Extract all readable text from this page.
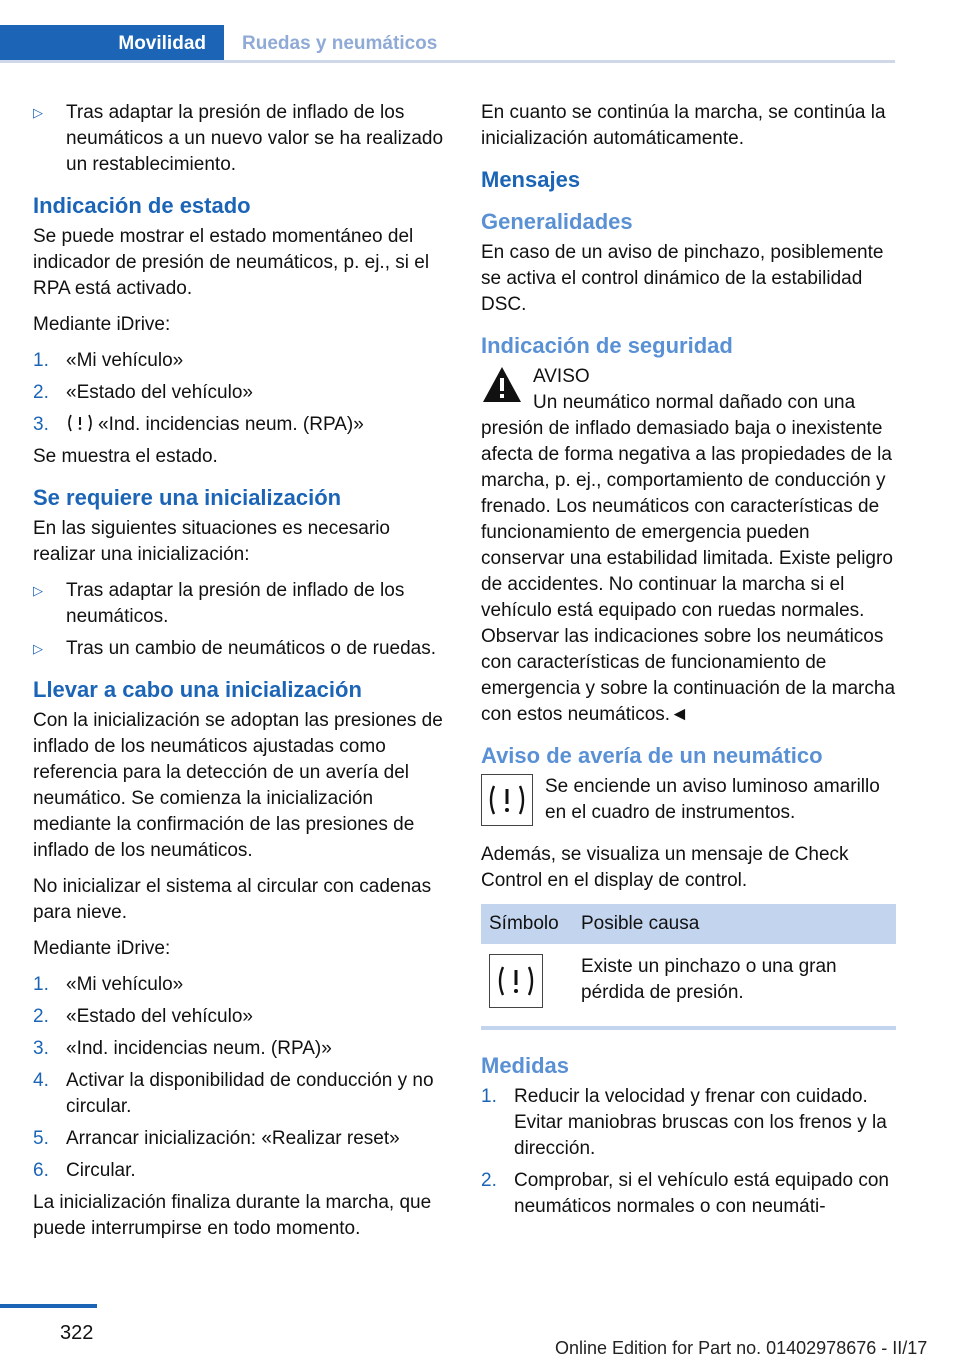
Movilidad	Ruedas y neumáticos
▷ Tras adaptar la presión de inflado de los neumáticos a un nuevo valor se ha realizado un restablecimiento.
Indicación de estado

Se puede mostrar el estado momentáneo del indicador de presión de neumáticos, p. ej., si el RPA está activado.

Mediante iDrive:

1. «Mi vehículo»
2. «Estado del vehículo»
3.	«Ind. incidencias neum. (RPA)»

Se muestra el estado.

Se requiere una inicialización

En las siguientes situaciones es necesario realizar una inicialización:

▷ Tras adaptar la presión de inflado de los neumáticos.
▷ Tras un cambio de neumáticos o de ruedas.
Llevar a cabo una inicialización

Con la inicialización se adoptan las presiones de inflado de los neumáticos ajustadas como referencia para la detección de un avería del neumático. Se comienza la inicialización mediante la confirmación de las presiones de inflado de los neumáticos.

No inicializar el sistema al circular con cadenas para nieve.

Mediante iDrive:

1. «Mi vehículo»
2. «Estado del vehículo»
3. «Ind. incidencias neum. (RPA)»
4. Activar la disponibilidad de conducción y no circular.
5. Arrancar inicialización: «Realizar reset»
6. Circular.

La inicialización finaliza durante la marcha, que puede interrumpirse en todo momento.

En cuanto se continúa la marcha, se continúa la inicialización automáticamente.

Mensajes
Generalidades

En caso de un aviso de pinchazo, posiblemente se activa el control dinámico de la estabilidad DSC.

Indicación de seguridad
AVISO
Un neumático normal dañado con una presión de inflado demasiado baja o inexistente afecta de forma negativa a las propiedades de la marcha, p. ej., comportamiento de conducción y frenado. Los neumáticos con características de funcionamiento de emergencia pueden conservar una estabilidad limitada. Existe peligro de accidentes. No continuar la marcha si el vehículo está equipado con ruedas normales. Observar las indicaciones sobre los neumáticos con características de funcionamiento de emergencia y sobre la continuación de la marcha con estos neumáticos.◄
Aviso de avería de un neumático
Se enciende un aviso luminoso amarillo en el cuadro de instrumentos.

Además, se visualiza un mensaje de Check Control en el display de control.

Símbolo	Posible causa

	Existe un pinchazo o una gran pérdida de presión.
Medidas
1. Reducir la velocidad y frenar con cuidado. Evitar maniobras bruscas con los frenos y la dirección.
2. Comprobar, si el vehículo está equipado con neumáticos normales o con neumáti-
322
Online Edition for Part no. 01402978676 - II/17
